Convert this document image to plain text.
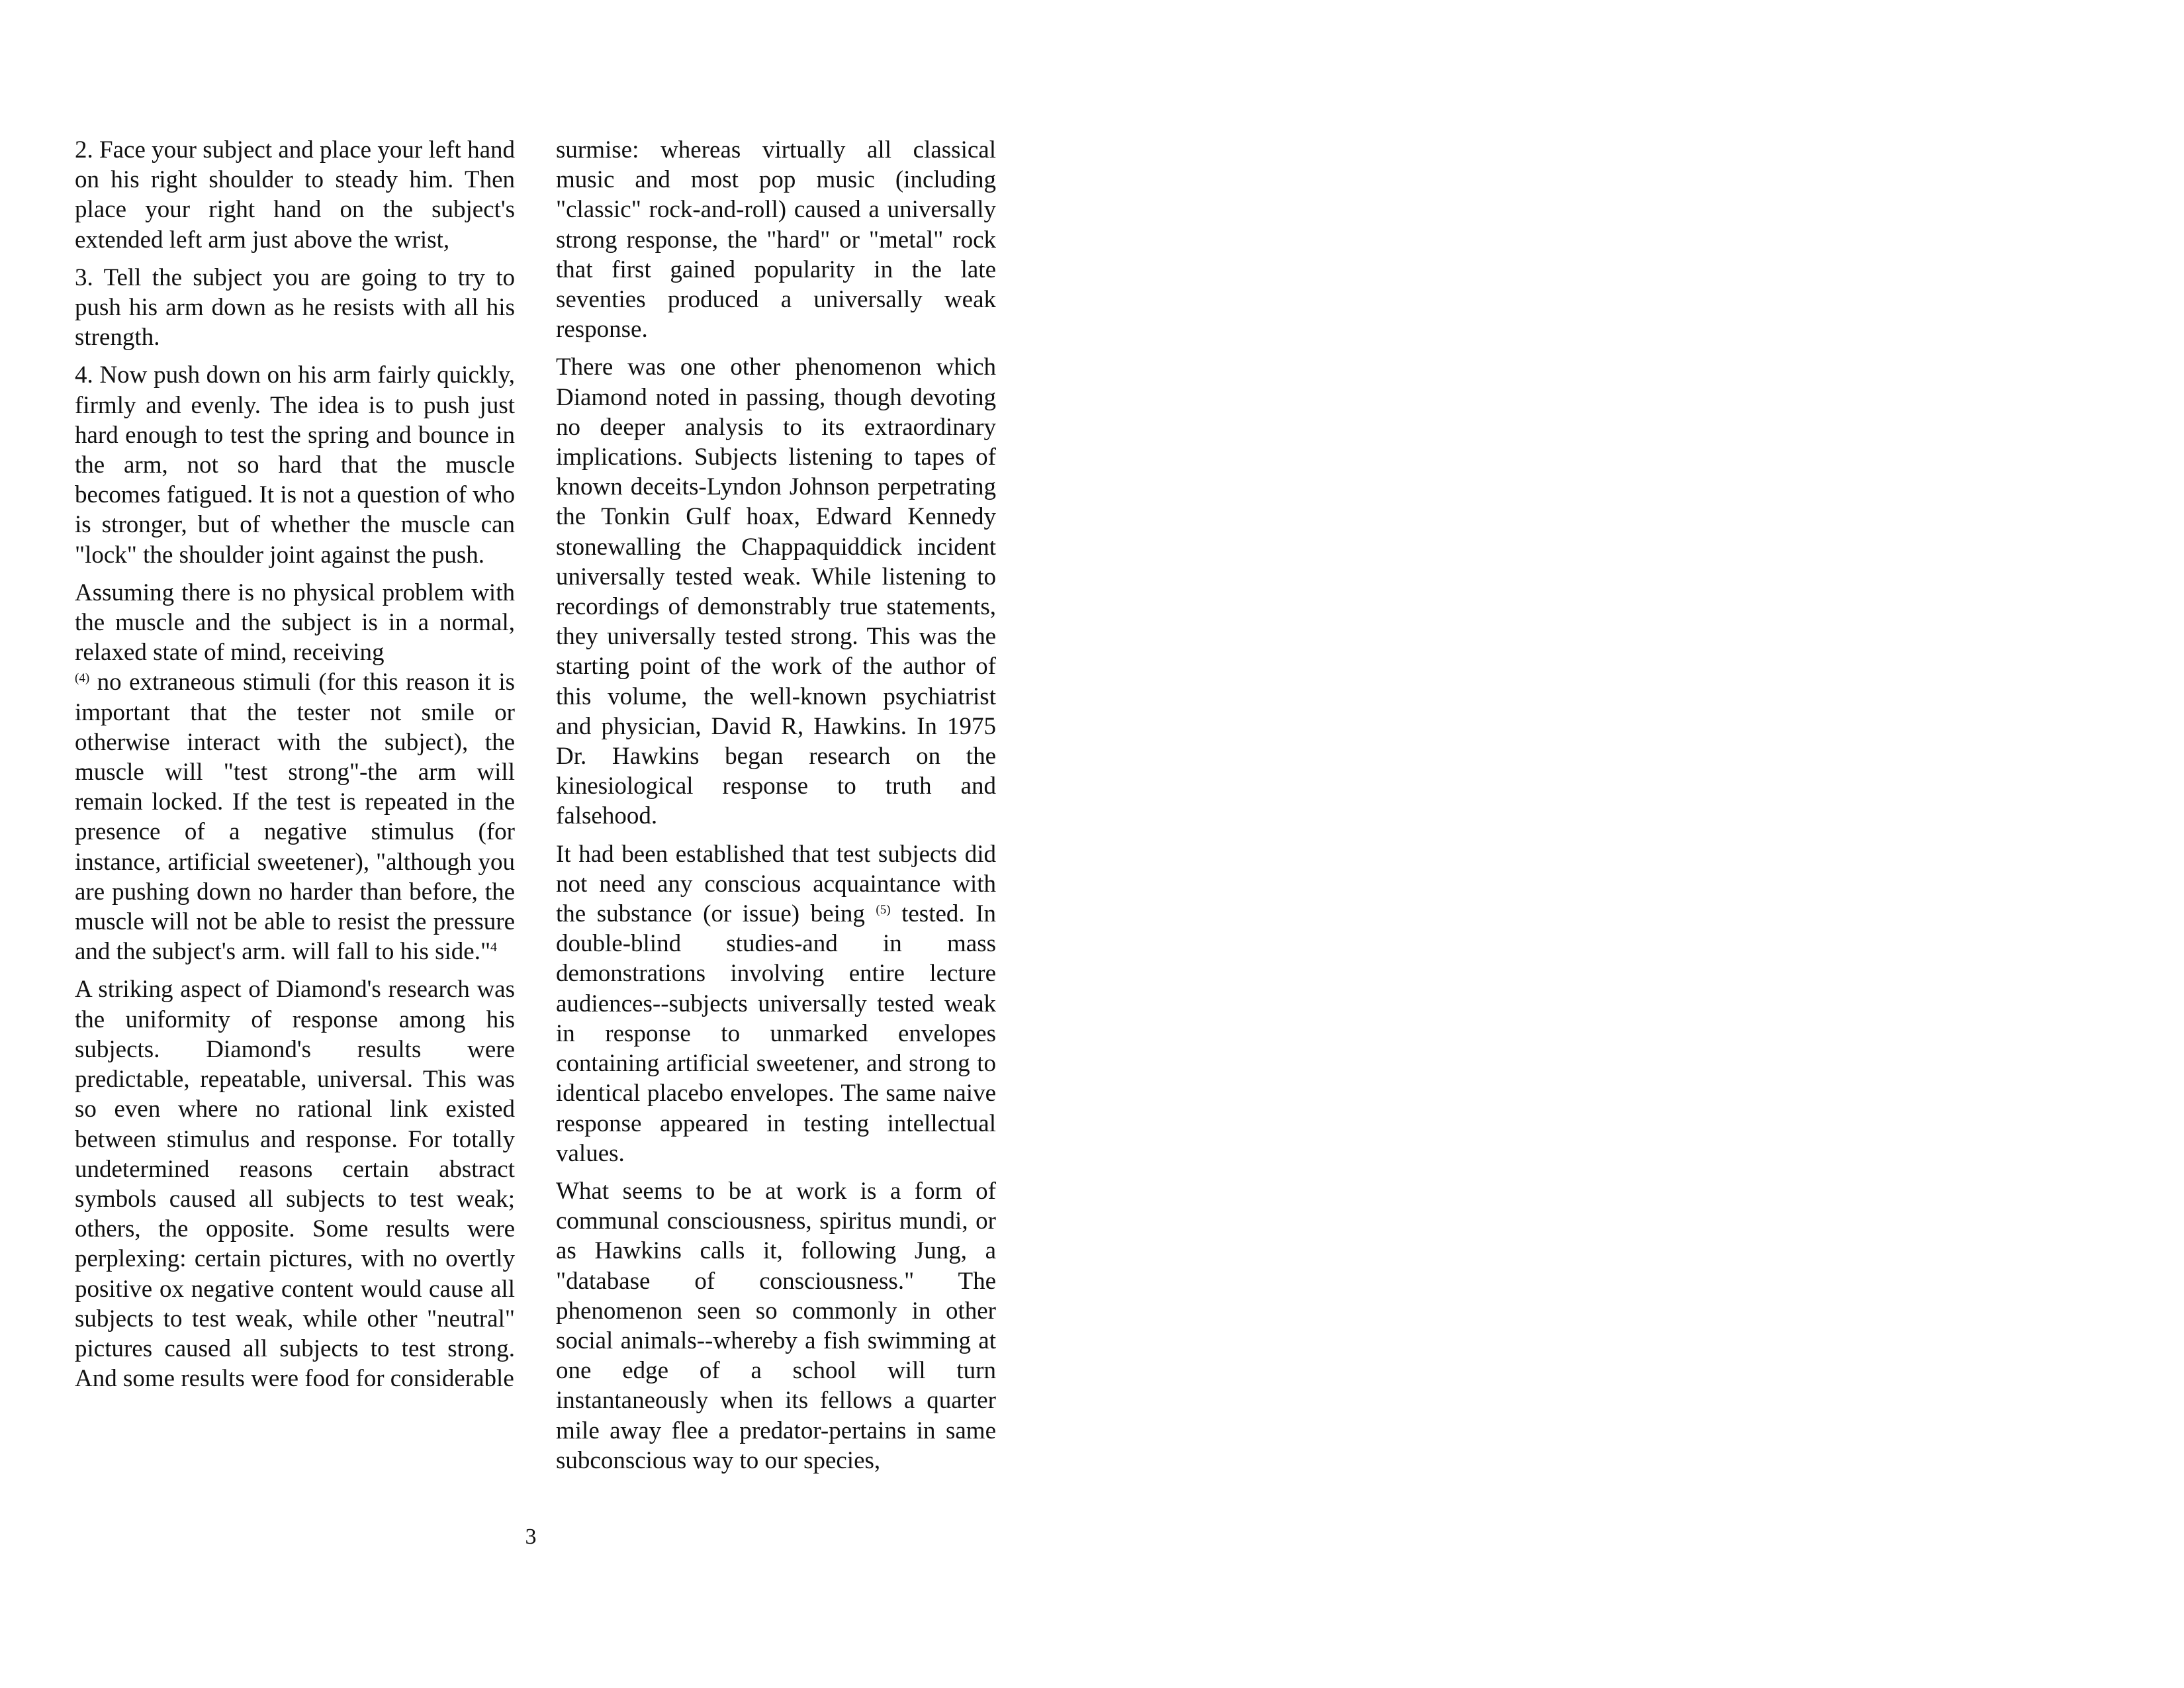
2. Face your subject and place your left hand on his right shoulder to steady him. Then place your right hand on the subject's extended left arm just above the wrist,

3. Tell the subject you are going to try to push his arm down as he resists with all his strength.

4. Now push down on his arm fairly quickly, firmly and evenly. The idea is to push just hard enough to test the spring and bounce in the arm, not so hard that the muscle becomes fatigued. It is not a question of who is stronger, but of whether the muscle can "lock" the shoulder joint against the push.

Assuming there is no physical problem with the muscle and the subject is in a normal, relaxed state of mind, receiving
$^{(4)}$ no extraneous stimuli (for this reason it is important that the tester not smile or otherwise interact with the subject), the muscle will "test strong"-the arm will remain locked. If the test is repeated in the presence of a negative stimulus (for instance, artificial sweetener), "although you are pushing down no harder than before, the muscle will not be able to resist the pressure and the subject's arm. will fall to his side."$^4$

A striking aspect of Diamond's research was the uniformity of response among his subjects. Diamond's results were predictable, repeatable, universal. This was so even where no rational link existed between stimulus and response. For totally undetermined reasons certain abstract symbols caused all subjects to test weak; others, the opposite. Some results were perplexing: certain pictures, with no overtly positive ox negative content would cause all subjects to test weak, while other "neutral" pictures caused all subjects to test strong. And some results were food for considerable

surmise: whereas virtually all classical music and most pop music (including "classic" rock-and-roll) caused a universally strong response, the "hard" or "metal" rock that first gained popularity in the late seventies produced a universally weak response.

There was one other phenomenon which Diamond noted in passing, though devoting no deeper analysis to its extraordinary implications. Subjects listening to tapes of known deceits-Lyndon Johnson perpetrating the Tonkin Gulf hoax, Edward Kennedy stonewalling the Chappaquiddick incident universally tested weak. While listening to recordings of demonstrably true statements, they universally tested strong. This was the starting point of the work of the author of this volume, the well-known psychiatrist and physician, David R, Hawkins. In 1975 Dr. Hawkins began research on the kinesiological response to truth and falsehood.

It had been established that test subjects did not need any conscious acquaintance with the substance (or issue) being $^{(5)}$ tested. In double-blind studies-and in mass demonstrations involving entire lecture audiences--subjects universally tested weak in response to unmarked envelopes containing artificial sweetener, and strong to identical placebo envelopes. The same naive response appeared in testing intellectual values.

What seems to be at work is a form of communal consciousness, spiritus mundi, or as Hawkins calls it, following Jung, a "database of consciousness." The phenomenon seen so commonly in other social animals--whereby a fish swimming at one edge of a school will turn instantaneously when its fellows a quarter mile away flee a predator-pertains in same subconscious way to our species,

3
